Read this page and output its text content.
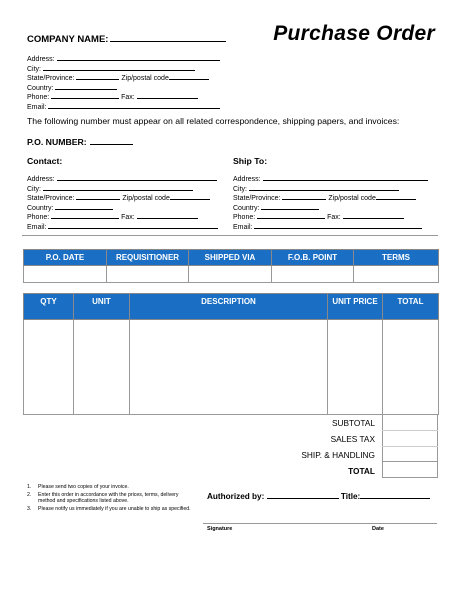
COMPANY NAME:	Purchase Order
Address:
City:
State/Province:	Zip/postal code
Country:
Phone:	Fax:
Email:
The following number must appear on all related correspondence, shipping papers, and invoices:
P.O. NUMBER:
Contact:
Address:
City:
State/Province:	Zip/postal code
Country:
Phone:	Fax:
Email:
Ship To:
Address:
City:
State/Province:	Zip/postal code
Country:
Phone:	Fax:
Email:
P.O. DATE	REQUISITIONER	SHIPPED VIA	F.O.B. POINT	TERMS

QTY	UNIT	DESCRIPTION	UNIT PRICE	TOTAL

SUBTOTAL
SALES TAX
SHIP. & HANDLING
TOTAL
1.	Please send two copies of your invoice.
2.	Enter this order in accordance with the prices, terms, delivery method and specifications listed above.
3.	Please notify us immediately if you are unable to ship as specified.
Authorized by:	Title:
Signature	Date
